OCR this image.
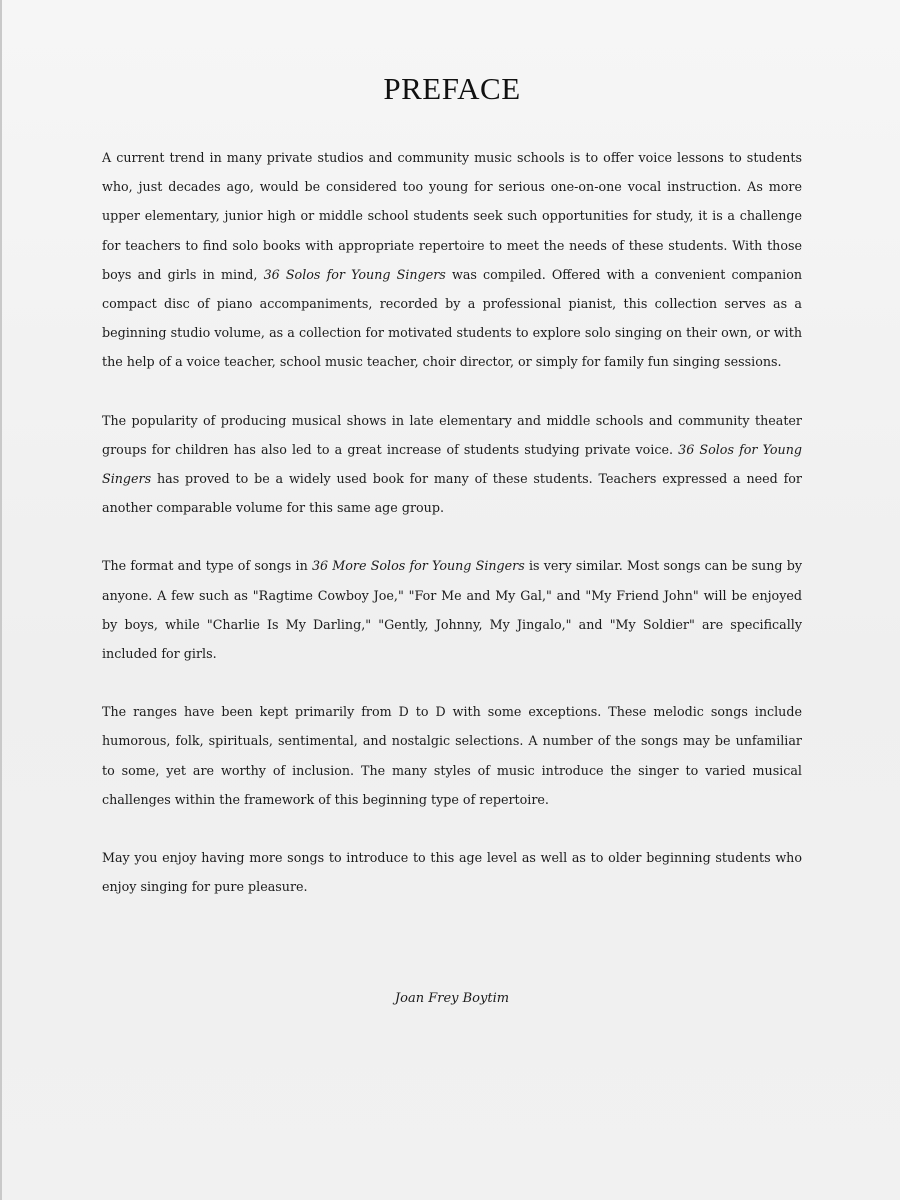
PREFACE

A current trend in many private studios and community music schools is to offer voice lessons to students who, just decades ago, would be considered too young for serious one-on-one vocal instruction. As more upper elementary, junior high or middle school students seek such opportunities for study, it is a challenge for teachers to find solo books with appropriate repertoire to meet the needs of these students. With those boys and girls in mind, 36 Solos for Young Singers was compiled. Offered with a convenient companion compact disc of piano accompaniments, recorded by a professional pianist, this collection serves as a beginning studio volume, as a collection for motivated students to explore solo singing on their own, or with the help of a voice teacher, school music teacher, choir director, or simply for family fun singing sessions.

The popularity of producing musical shows in late elementary and middle schools and community theater groups for children has also led to a great increase of students studying private voice. 36 Solos for Young Singers has proved to be a widely used book for many of these students. Teachers expressed a need for another comparable volume for this same age group.

The format and type of songs in 36 More Solos for Young Singers is very similar. Most songs can be sung by anyone. A few such as "Ragtime Cowboy Joe," "For Me and My Gal," and "My Friend John" will be enjoyed by boys, while "Charlie Is My Darling," "Gently, Johnny, My Jingalo," and "My Soldier" are specifically included for girls.

The ranges have been kept primarily from D to D with some exceptions. These melodic songs include humorous, folk, spirituals, sentimental, and nostalgic selections. A number of the songs may be unfamiliar to some, yet are worthy of inclusion. The many styles of music introduce the singer to varied musical challenges within the framework of this beginning type of repertoire.

May you enjoy having more songs to introduce to this age level as well as to older beginning students who enjoy singing for pure pleasure.

Joan Frey Boytim
